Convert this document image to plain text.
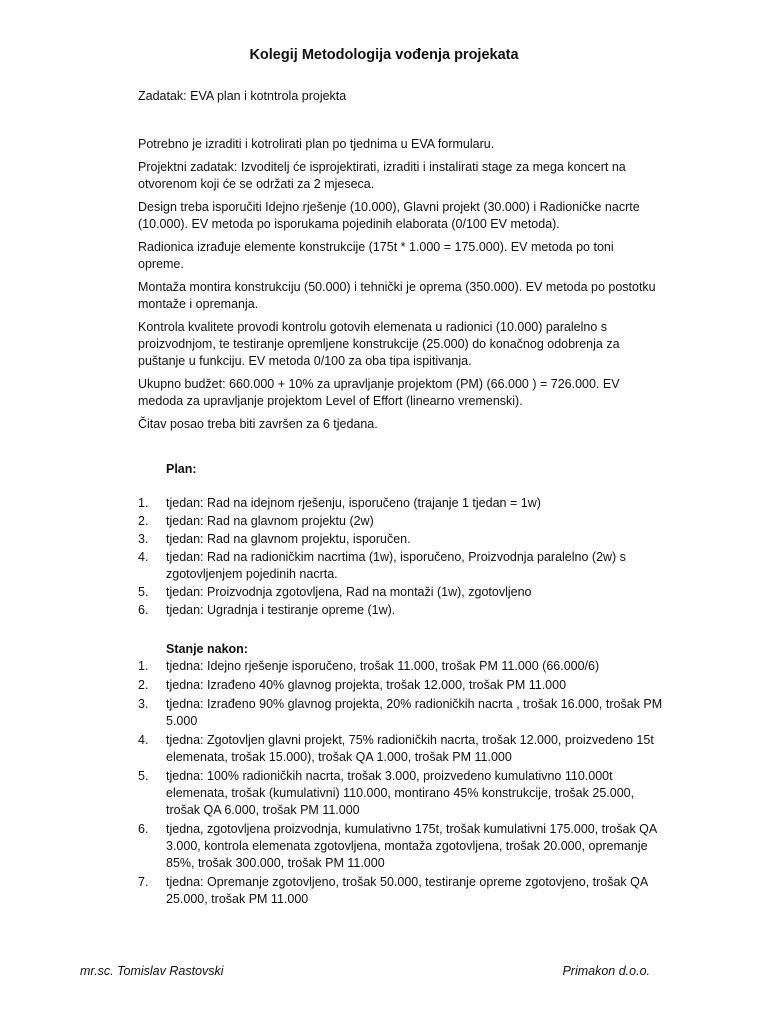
Kolegij Metodologija vođenja projekata
Zadatak: EVA plan i kotntrola projekta

Potrebno je izraditi i kotrolirati plan po tjednima u EVA formularu.

Projektni zadatak: Izvoditelj će isprojektirati, izraditi i instalirati stage za mega koncert na otvorenom koji će se održati za 2 mjeseca.

Design treba isporučiti Idejno rješenje (10.000), Glavni projekt (30.000) i Radioničke nacrte (10.000). EV metoda po isporukama pojedinih elaborata (0/100 EV metoda).

Radionica izrađuje elemente konstrukcije (175t * 1.000 = 175.000). EV metoda po toni opreme.

Montaža montira konstrukciju (50.000) i tehnički je oprema (350.000). EV metoda po postotku montaže i opremanja.

Kontrola kvalitete provodi kontrolu gotovih elemenata u radionici (10.000) paralelno s proizvodnjom, te testiranje opremljene konstrukcije (25.000) do konačnog odobrenja za puštanje u funkciju. EV metoda 0/100 za oba tipa ispitivanja.

Ukupno budžet: 660.000 + 10% za upravljanje projektom (PM) (66.000 ) = 726.000. EV medoda za upravljanje projektom Level of Effort (linearno vremenski).

Čitav posao treba biti završen za 6 tjedana.

Plan:
1.	tjedan: Rad na idejnom rješenju, isporučeno (trajanje 1 tjedan = 1w)
2.	tjedan: Rad na glavnom projektu (2w)
3.	tjedan: Rad na glavnom projektu, isporučen.
4.	tjedan: Rad na radioničkim nacrtima (1w), isporučeno, Proizvodnja paralelno (2w) s zgotovljenjem pojedinih nacrta.
5.	tjedan: Proizvodnja zgotovljena, Rad na montaži (1w), zgotovljeno
6.	tjedan: Ugradnja i testiranje opreme (1w).
Stanje nakon:
1.	tjedna: Idejno rješenje isporučeno, trošak 11.000, trošak PM 11.000 (66.000/6)
2.	tjedna: Izrađeno 40% glavnog projekta, trošak 12.000, trošak PM 11.000
3.	tjedna: Izrađeno 90% glavnog projekta, 20% radioničkih nacrta , trošak 16.000, trošak PM 5.000
4.	tjedna: Zgotovljen glavni projekt, 75% radioničkih nacrta, trošak 12.000, proizvedeno 15t elemenata, trošak 15.000), trošak QA 1.000, trošak PM 11.000
5.	tjedna: 100% radioničkih nacrta, trošak 3.000, proizvedeno kumulativno 110.000t elemenata, trošak (kumulativni) 110.000, montirano 45% konstrukcije, trošak 25.000, trošak QA 6.000, trošak PM 11.000
6.	tjedna, zgotovljena proizvodnja, kumulativno 175t, trošak kumulativni 175.000, trošak QA 3.000, kontrola elemenata zgotovljena, montaža zgotovljena, trošak 20.000, opremanje 85%, trošak 300.000, trošak PM 11.000
7.	tjedna: Opremanje zgotovljeno, trošak 50.000, testiranje opreme zgotovjeno, trošak QA 25.000, trošak PM 11.000
mr.sc. Tomislav Rastovski	Primakon d.o.o.
